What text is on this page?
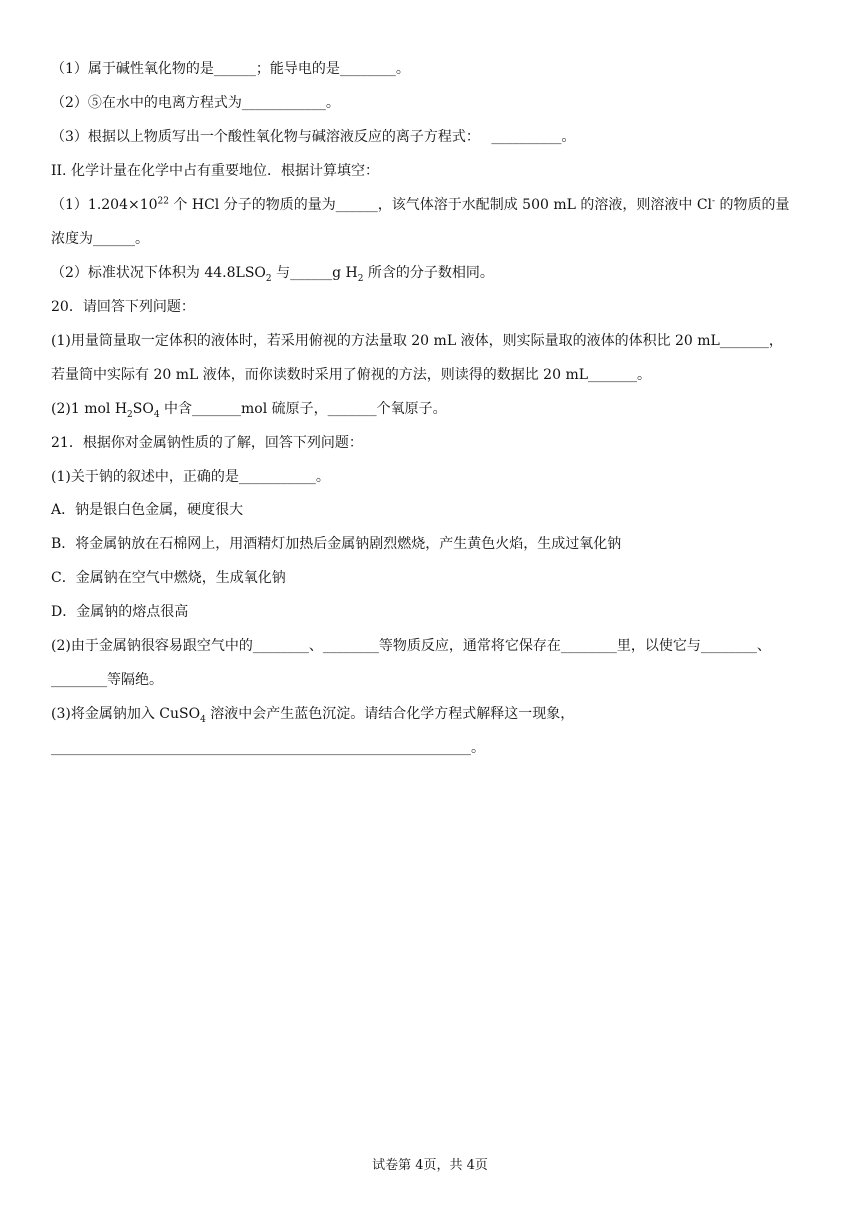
（1）属于碱性氧化物的是______；能导电的是________。
（2）⑤在水中的电离方程式为____________。
（3）根据以上物质写出一个酸性氧化物与碱溶液反应的离子方程式：　 __________。
II. 化学计量在化学中占有重要地位．根据计算填空：
$(1)1.204\times 10^{22}$ 个 HCl 分子的物质的量为______，该气体溶于水配制成 500 mL 的溶液，则溶液中 Cl- 的物质的量
浓度为______。
（2）标准状况下体积为 $44.8LSO_2$ 与______g $H_2$ 所含的分子数相同。
20．请回答下列问题：
(1)用量筒量取一定体积的液体时，若采用俯视的方法量取 20 mL 液体，则实际量取的液体的体积比 20 mL_______，
若量筒中实际有 20 mL 液体，而你读数时采用了俯视的方法，则读得的数据比 20 mL_______。
(2)1 mol $H_2SO_4$ 中含_______mol 硫原子，_______个氧原子。
21．根据你对金属钠性质的了解，回答下列问题：
(1)关于钠的叙述中，正确的是___________。
A．钠是银白色金属，硬度很大
B．将金属钠放在石棉网上，用酒精灯加热后金属钠剧烈燃烧，产生黄色火焰，生成过氧化钠
C．金属钠在空气中燃烧，生成氧化钠
D．金属钠的熔点很高
(2)由于金属钠很容易跟空气中的________、________等物质反应，通常将它保存在________里，以使它与________、
________等隔绝。
(3)将金属钠加入 CuSO$_4$ 溶液中会产生蓝色沉淀。请结合化学方程式解释这一现象，
____________________________________________________________。
试卷第 4页，共 4页
